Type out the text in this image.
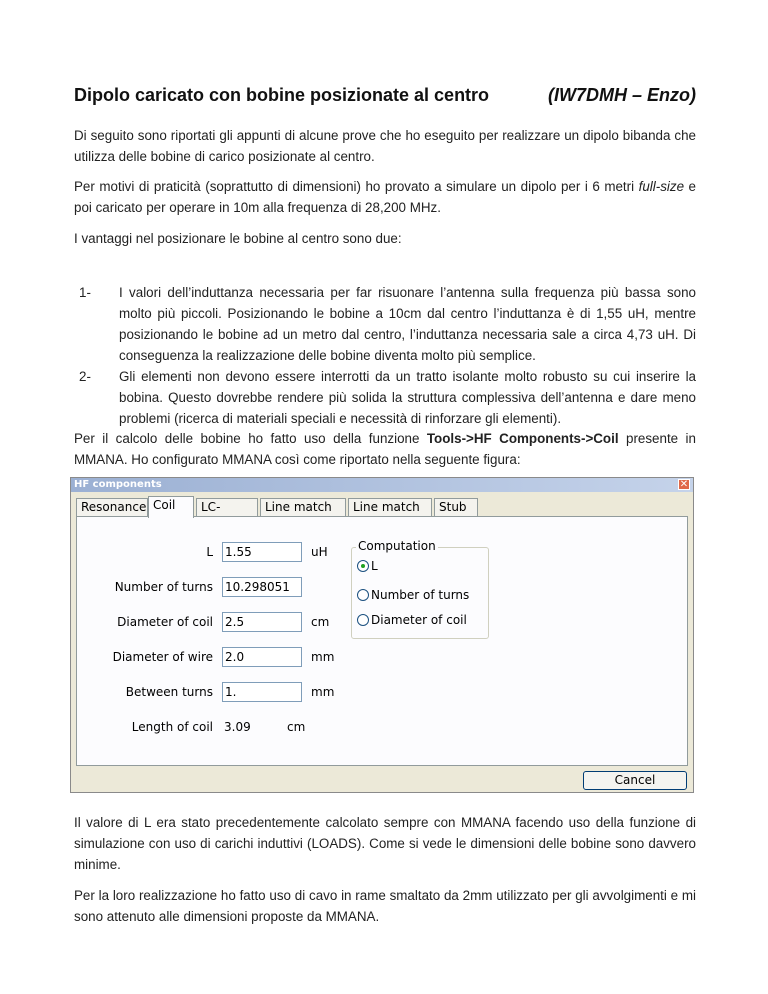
Dipolo caricato con bobine posizionate al centro	(IW7DMH – Enzo)

Di seguito sono riportati gli appunti di alcune prove che ho eseguito per realizzare un dipolo bibanda che utilizza delle bobine di carico posizionate al centro.

Per motivi di praticità (soprattutto di dimensioni) ho provato a simulare un dipolo per i 6 metri full-size e poi caricato per operare in 10m alla frequenza di 28,200 MHz.

I vantaggi nel posizionare le bobine al centro sono due:

1- I valori dell’induttanza necessaria per far risuonare l’antenna sulla frequenza più bassa sono molto più piccoli. Posizionando le bobine a 10cm dal centro l’induttanza è di 1,55 uH, mentre posizionando le bobine ad un metro dal centro, l’induttanza necessaria sale a circa 4,73 uH. Di conseguenza la realizzazione delle bobine diventa molto più semplice.
2- Gli elementi non devono essere interrotti da un tratto isolante molto robusto su cui inserire la bobina. Questo dovrebbe rendere più solida la struttura complessiva dell’antenna e dare meno problemi (ricerca di materiali speciali e necessità di rinforzare gli elementi).

Per il calcolo delle bobine ho fatto uso della funzione Tools->HF Components->Coil presente in MMANA. Ho configurato MMANA così come riportato nella seguente figura:

HF components	✕
Resonance Coil	LC-	Line match	Line match	Stub
L 1.55	uH
Number of turns 10.298051
Diameter of coil 2.5	cm
Diameter of wire 2.0	mm
Between turns 1.	mm
Length of coil 3.09	cm
Computation
L
Number of turns
Diameter of coil
Cancel

Il valore di L era stato precedentemente calcolato sempre con MMANA facendo uso della funzione di simulazione con uso di carichi induttivi (LOADS). Come si vede le dimensioni delle bobine sono davvero minime.

Per la loro realizzazione ho fatto uso di cavo in rame smaltato da 2mm utilizzato per gli avvolgimenti e mi sono attenuto alle dimensioni proposte da MMANA.
